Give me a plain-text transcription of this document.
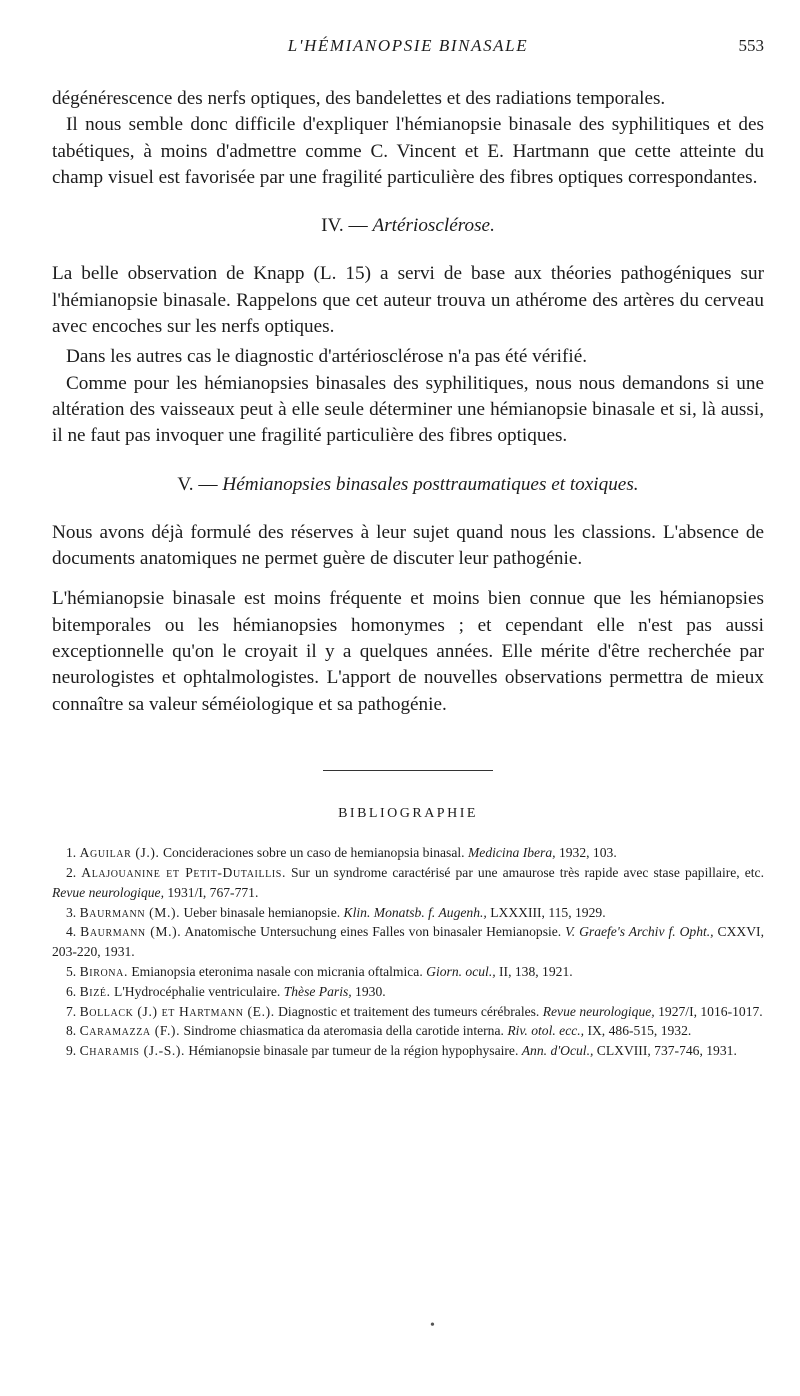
L'HÉMIANOPSIE BINASALE	553

dégénérescence des nerfs optiques, des bandelettes et des radiations temporales.

Il nous semble donc difficile d'expliquer l'hémianopsie binasale des syphilitiques et des tabétiques, à moins d'admettre comme C. Vincent et E. Hartmann que cette atteinte du champ visuel est favorisée par une fragilité particulière des fibres optiques correspondantes.

IV. — Artériosclérose.

La belle observation de Knapp (L. 15) a servi de base aux théories pathogéniques sur l'hémianopsie binasale. Rappelons que cet auteur trouva un athérome des artères du cerveau avec encoches sur les nerfs optiques.

Dans les autres cas le diagnostic d'artériosclérose n'a pas été vérifié.

Comme pour les hémianopsies binasales des syphilitiques, nous nous demandons si une altération des vaisseaux peut à elle seule déterminer une hémianopsie binasale et si, là aussi, il ne faut pas invoquer une fragilité particulière des fibres optiques.

V. — Hémianopsies binasales posttraumatiques et toxiques.

Nous avons déjà formulé des réserves à leur sujet quand nous les classions. L'absence de documents anatomiques ne permet guère de discuter leur pathogénie.

L'hémianopsie binasale est moins fréquente et moins bien connue que les hémianopsies bitemporales ou les hémianopsies homonymes ; et cependant elle n'est pas aussi exceptionnelle qu'on le croyait il y a quelques années. Elle mérite d'être recherchée par neurologistes et ophtalmologistes. L'apport de nouvelles observations permettra de mieux connaître sa valeur séméiologique et sa pathogénie.

BIBLIOGRAPHIE

1. Aguilar (J.). Concideraciones sobre un caso de hemianopsia binasal. Medicina Ibera, 1932, 103.

2. Alajouanine et Petit-Dutaillis. Sur un syndrome caractérisé par une amaurose très rapide avec stase papillaire, etc. Revue neurologique, 1931/I, 767-771.

3. Baurmann (M.). Ueber binasale hemianopsie. Klin. Monatsb. f. Augenh., LXXXIII, 115, 1929.

4. Baurmann (M.). Anatomische Untersuchung eines Falles von binasaler Hemianopsie. V. Graefe's Archiv f. Opht., CXXVI, 203-220, 1931.

5. Birona. Emianopsia eteronima nasale con micrania oftalmica. Giorn. ocul., II, 138, 1921.

6. Bizé. L'Hydrocéphalie ventriculaire. Thèse Paris, 1930.

7. Bollack (J.) et Hartmann (E.). Diagnostic et traitement des tumeurs cérébrales. Revue neurologique, 1927/I, 1016-1017.

8. Caramazza (F.). Sindrome chiasmatica da ateromasia della carotide interna. Riv. otol. ecc., IX, 486-515, 1932.

9. Charamis (J.-S.). Hémianopsie binasale par tumeur de la région hypophysaire. Ann. d'Ocul., CLXVIII, 737-746, 1931.

•
